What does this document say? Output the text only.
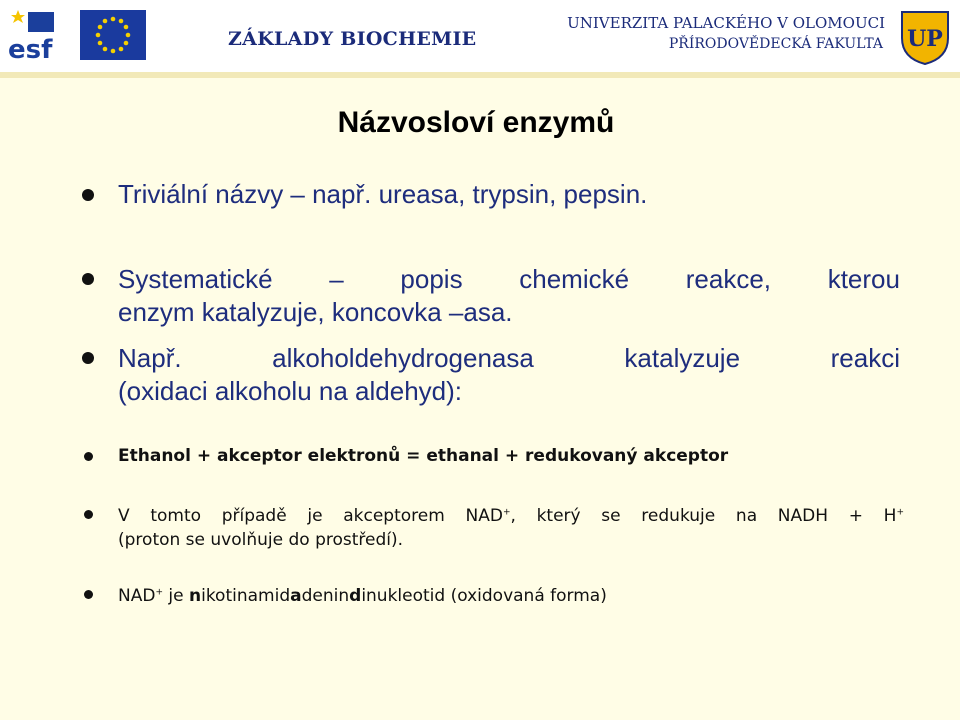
esf	ZÁKLADY BIOCHEMIE
UNIVERZITA PALACKÉHO V OLOMOUCI
PŘÍRODOVĚDECKÁ FAKULTA UP
Názvosloví enzymů
Triviální názvy – např. ureasa, trypsin, pepsin.
Systematické – popis chemické reakce, kterou
enzym katalyzuje, koncovka –asa.
Např.	alkoholdehydrogenasa	katalyzuje	reakci
(oxidaci alkoholu na aldehyd):
Ethanol + akceptor elektronů = ethanal + redukovaný akceptor
V tomto případě je akceptorem NAD+, který se redukuje na NADH + H+
(proton se uvolňuje do prostředí).
NAD+ je nikotinamidadenindinukleotid (oxidovaná forma)
